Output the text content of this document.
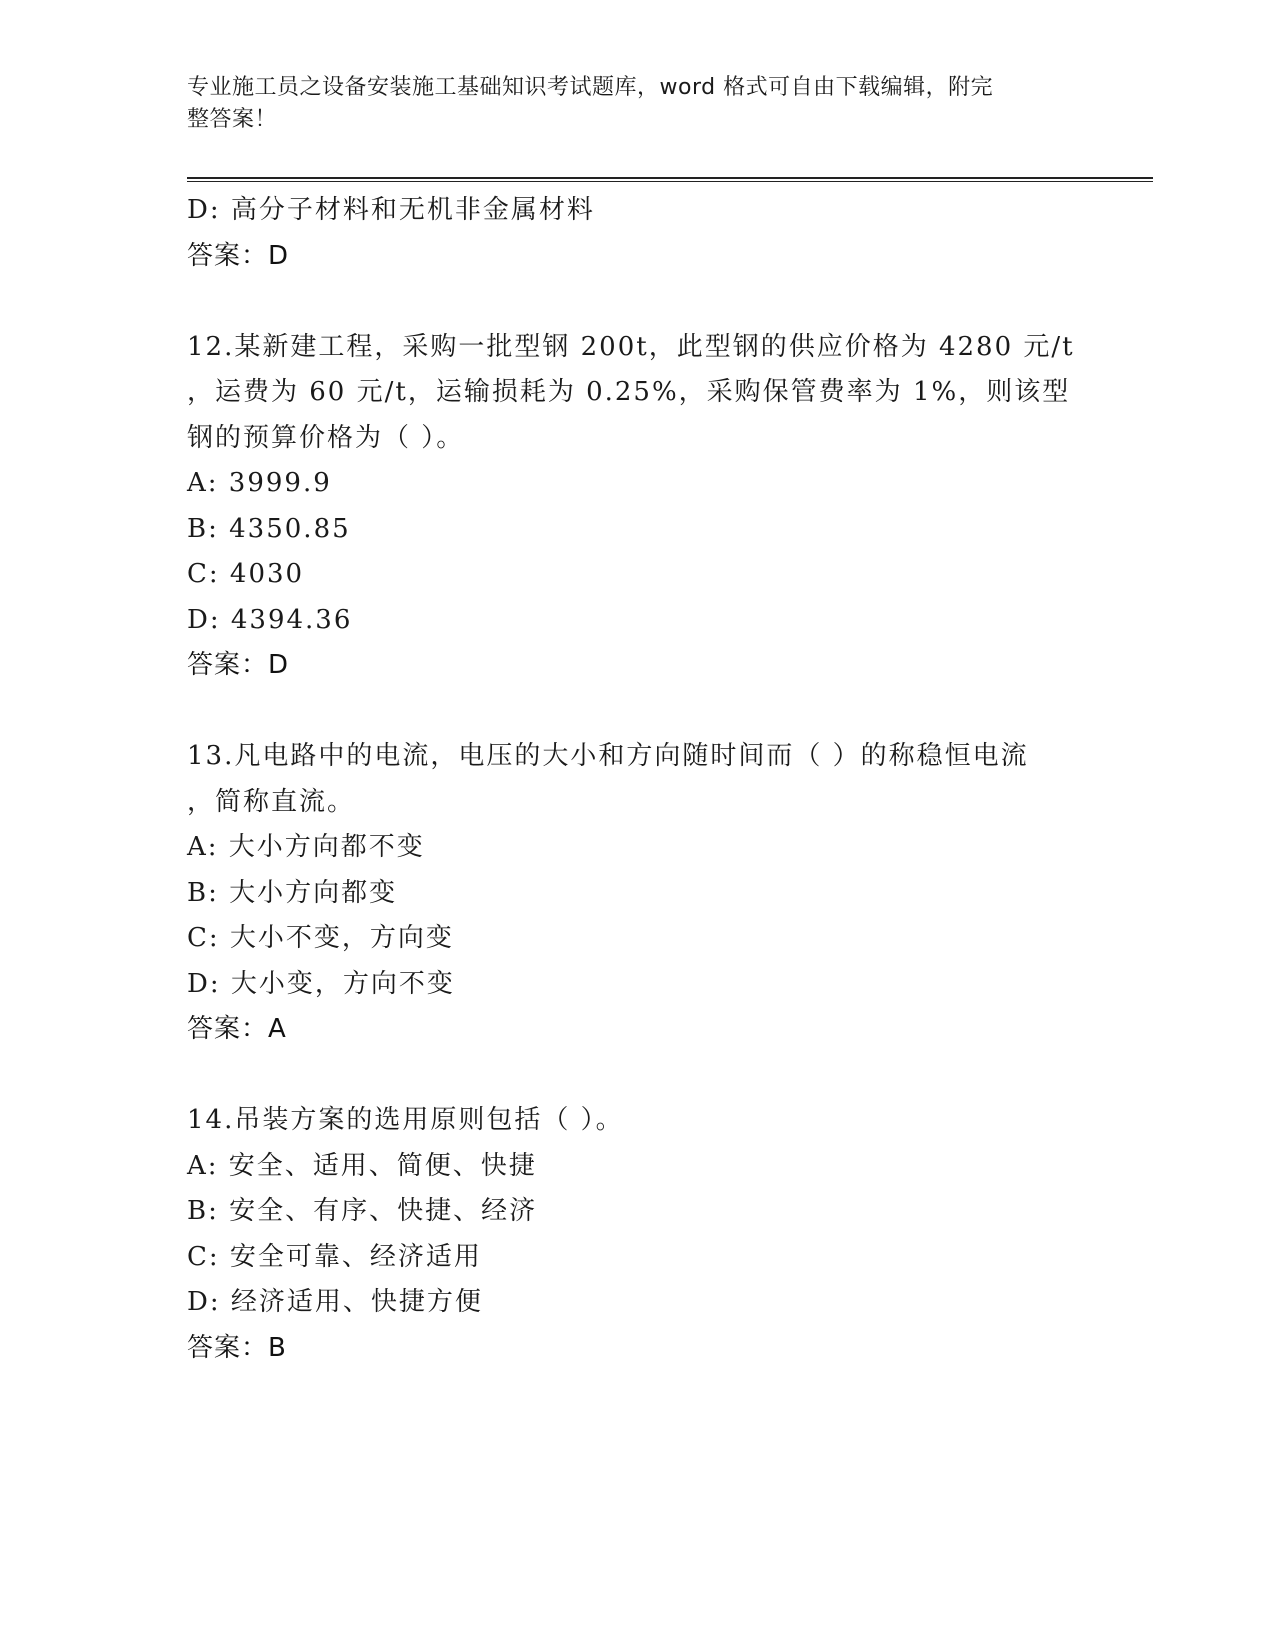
专业施工员之设备安装施工基础知识考试题库，word 格式可自由下载编辑，附完
整答案！
D: 高分子材料和无机非金属材料
答案：D
12.某新建工程，采购一批型钢 200t，此型钢的供应价格为 4280 元/t
，运费为 60 元/t，运输损耗为 0.25%，采购保管费率为 1%，则该型
钢的预算价格为（ ）。
A: 3999.9
B: 4350.85
C: 4030
D: 4394.36
答案：D
13.凡电路中的电流，电压的大小和方向随时间而（ ）的称稳恒电流
，简称直流。
A: 大小方向都不变
B: 大小方向都变
C: 大小不变，方向变
D: 大小变，方向不变
答案：A
14.吊装方案的选用原则包括（ ）。
A: 安全、适用、简便、快捷
B: 安全、有序、快捷、经济
C: 安全可靠、经济适用
D: 经济适用、快捷方便
答案：B
